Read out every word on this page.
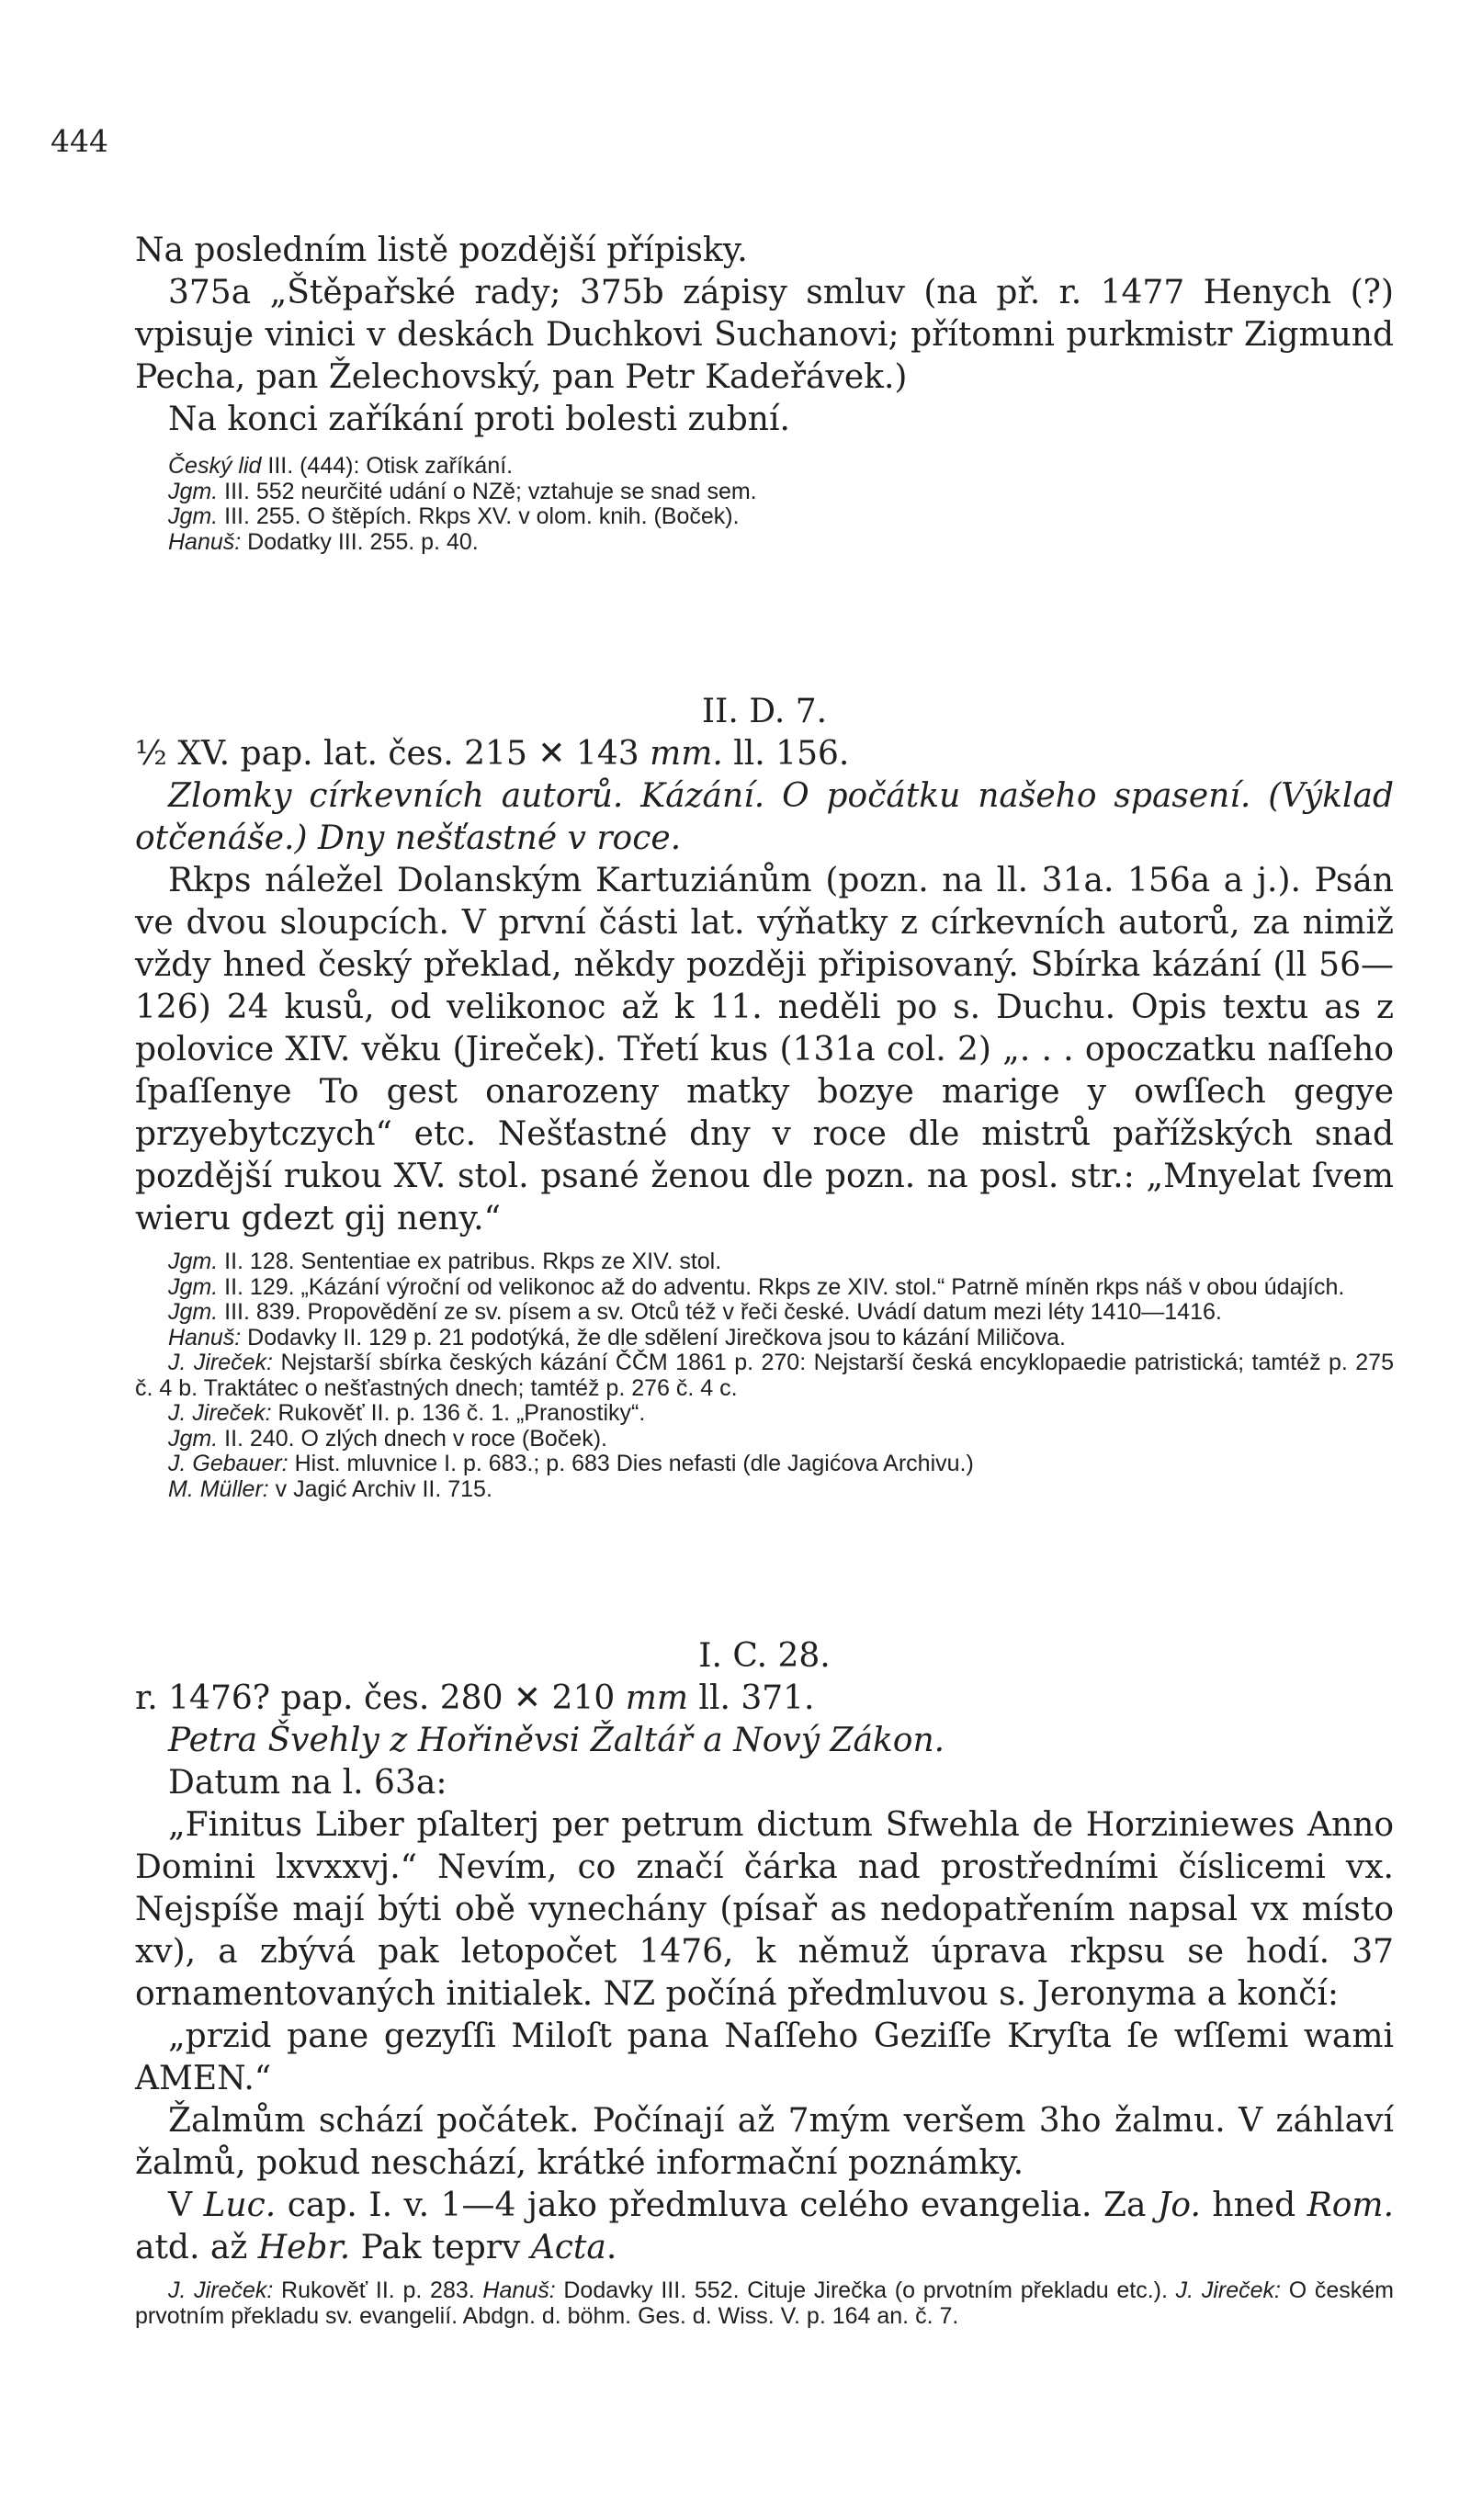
444

Na posledním listě pozdější přípisky.

375a „Štěpařské rady; 375b zápisy smluv (na př. r. 1477 Henych (?) vpisuje vinici v deskách Duchkovi Suchanovi; přítomni purkmistr Zigmund Pecha, pan Želechovský, pan Petr Kadeřávek.)

Na konci zaříkání proti bolesti zubní.

Český lid III. (444): Otisk zaříkání.

Jgm. III. 552 neurčité udání o NZě; vztahuje se snad sem.

Jgm. III. 255. O štěpích. Rkps XV. v olom. knih. (Boček).

Hanuš: Dodatky III. 255. p. 40.

II. D. 7.

½ XV. pap. lat. čes. 215 ✕ 143 mm. ll. 156.

Zlomky církevních autorů. Kázání. O počátku našeho spasení. (Výklad otčenáše.) Dny nešťastné v roce.

Rkps náležel Dolanským Kartuziánům (pozn. na ll. 31a. 156a a j.). Psán ve dvou sloupcích. V první části lat. výňatky z církevních autorů, za nimiž vždy hned český překlad, někdy později připisovaný. Sbírka kázání (ll 56—126) 24 kusů, od velikonoc až k 11. neděli po s. Duchu. Opis textu as z polovice XIV. věku (Jireček). Třetí kus (131a col. 2) „. . . opoczatku naſſeho ſpaſſenye To gest onarozeny matky bozye marige y owſſech gegye przyebytczych“ etc. Nešťastné dny v roce dle mistrů pařížských snad pozdější rukou XV. stol. psané ženou dle pozn. na posl. str.: „Mnyelat ſvem wieru gdezt gij neny.“

Jgm. II. 128. Sententiae ex patribus. Rkps ze XIV. stol.

Jgm. II. 129. „Kázání výroční od velikonoc až do adventu. Rkps ze XIV. stol.“ Patrně míněn rkps náš v obou údajích.

Jgm. III. 839. Propovědění ze sv. písem a sv. Otců též v řeči české. Uvádí datum mezi léty 1410—1416.

Hanuš: Dodavky II. 129 p. 21 podotýká, že dle sdělení Jirečkova jsou to kázání Miličova.

J. Jireček: Nejstarší sbírka českých kázání ČČM 1861 p. 270: Nejstarší česká encyklopaedie patristická; tamtéž p. 275 č. 4 b. Traktátec o nešťastných dnech; tamtéž p. 276 č. 4 c.

J. Jireček: Rukověť II. p. 136 č. 1. „Pranostiky“.

Jgm. II. 240. O zlých dnech v roce (Boček).

J. Gebauer: Hist. mluvnice I. p. 683.; p. 683 Dies nefasti (dle Jagićova Archivu.)

M. Müller: v Jagić Archiv II. 715.

I. C. 28.

r. 1476? pap. čes. 280 ✕ 210 mm ll. 371.

Petra Švehly z Hořiněvsi Žaltář a Nový Zákon.

Datum na l. 63a:

„Finitus Liber pſalterj per petrum dictum Sfwehla de Horziniewes Anno Domini lxvxxvj.“ Nevím, co značí čárka nad prostředními číslicemi vx. Nejspíše mají býti obě vynechány (písař as nedopatřením napsal vx místo xv), a zbývá pak letopočet 1476, k němuž úprava rkpsu se hodí. 37 ornamentovaných initialek. NZ počíná předmluvou s. Jeronyma a končí:

„przid pane gezyſſi Miloſt pana Naſſeho Geziſſe Kryſta ſe wſſemi wami AMEN.“

Žalmům schází počátek. Počínají až 7mým veršem 3ho žalmu. V záhlaví žalmů, pokud neschází, krátké informační poznámky.

V Luc. cap. I. v. 1—4 jako předmluva celého evangelia. Za Jo. hned Rom. atd. až Hebr. Pak teprv Acta.

J. Jireček: Rukověť II. p. 283. Hanuš: Dodavky III. 552. Cituje Jirečka (o prvotním překladu etc.). J. Jireček: O českém prvotním překladu sv. evangelií. Abdgn. d. böhm. Ges. d. Wiss. V. p. 164 an. č. 7.
